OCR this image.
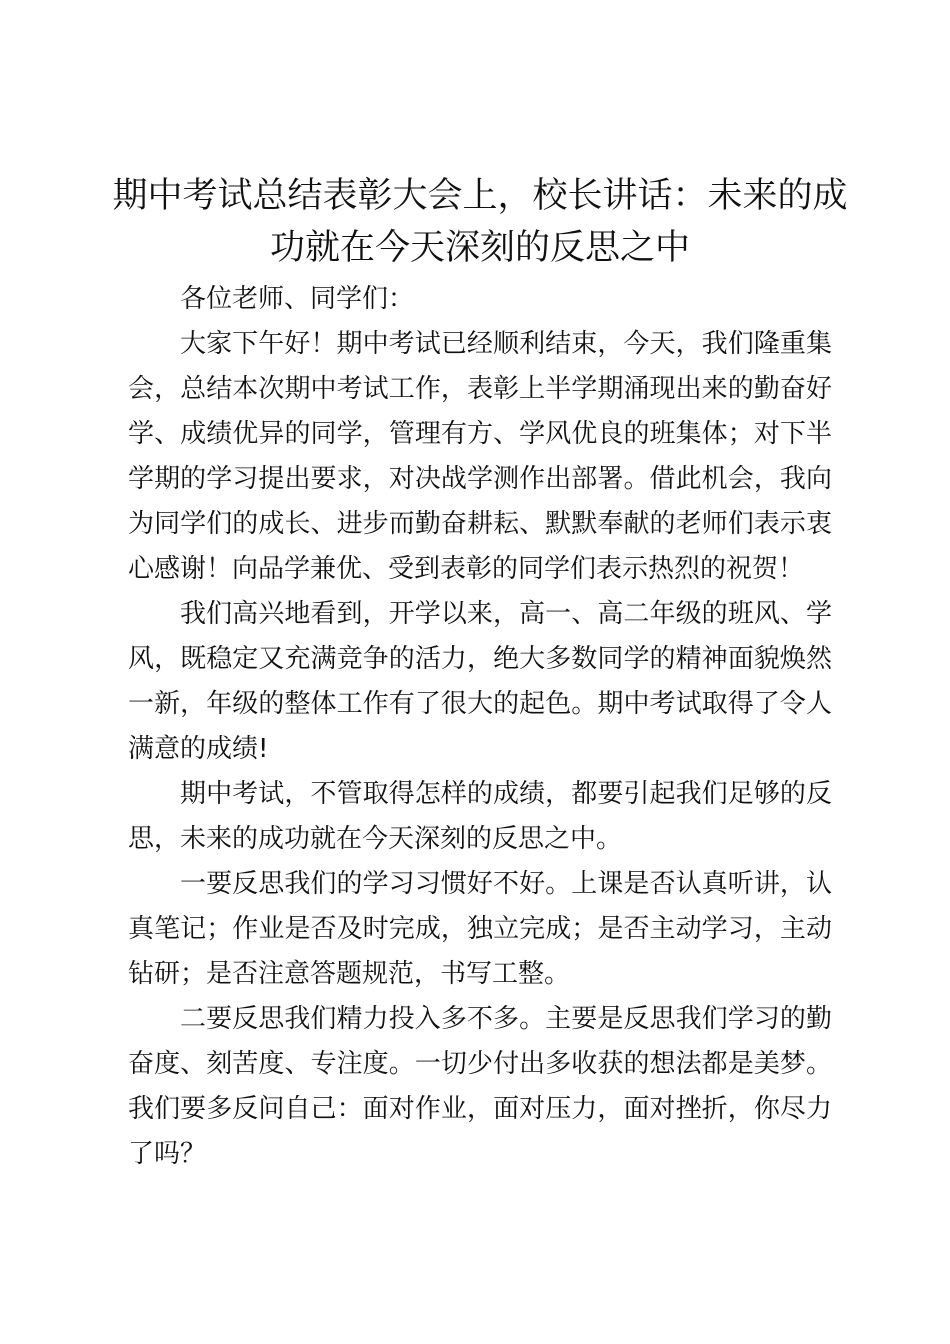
期中考试总结表彰大会上，校长讲话：未来的成功就在今天深刻的反思之中

各位老师、同学们：

大家下午好！期中考试已经顺利结束，今天，我们隆重集会，总结本次期中考试工作，表彰上半学期涌现出来的勤奋好学、成绩优异的同学，管理有方、学风优良的班集体；对下半学期的学习提出要求，对决战学测作出部署。借此机会，我向为同学们的成长、进步而勤奋耕耘、默默奉献的老师们表示衷心感谢！向品学兼优、受到表彰的同学们表示热烈的祝贺！

我们高兴地看到，开学以来，高一、高二年级的班风、学风，既稳定又充满竞争的活力，绝大多数同学的精神面貌焕然一新，年级的整体工作有了很大的起色。期中考试取得了令人满意的成绩!

期中考试，不管取得怎样的成绩，都要引起我们足够的反思，未来的成功就在今天深刻的反思之中。

一要反思我们的学习习惯好不好。上课是否认真听讲，认真笔记；作业是否及时完成，独立完成；是否主动学习，主动钻研；是否注意答题规范，书写工整。

二要反思我们精力投入多不多。主要是反思我们学习的勤奋度、刻苦度、专注度。一切少付出多收获的想法都是美梦。我们要多反问自己：面对作业，面对压力，面对挫折，你尽力了吗？
